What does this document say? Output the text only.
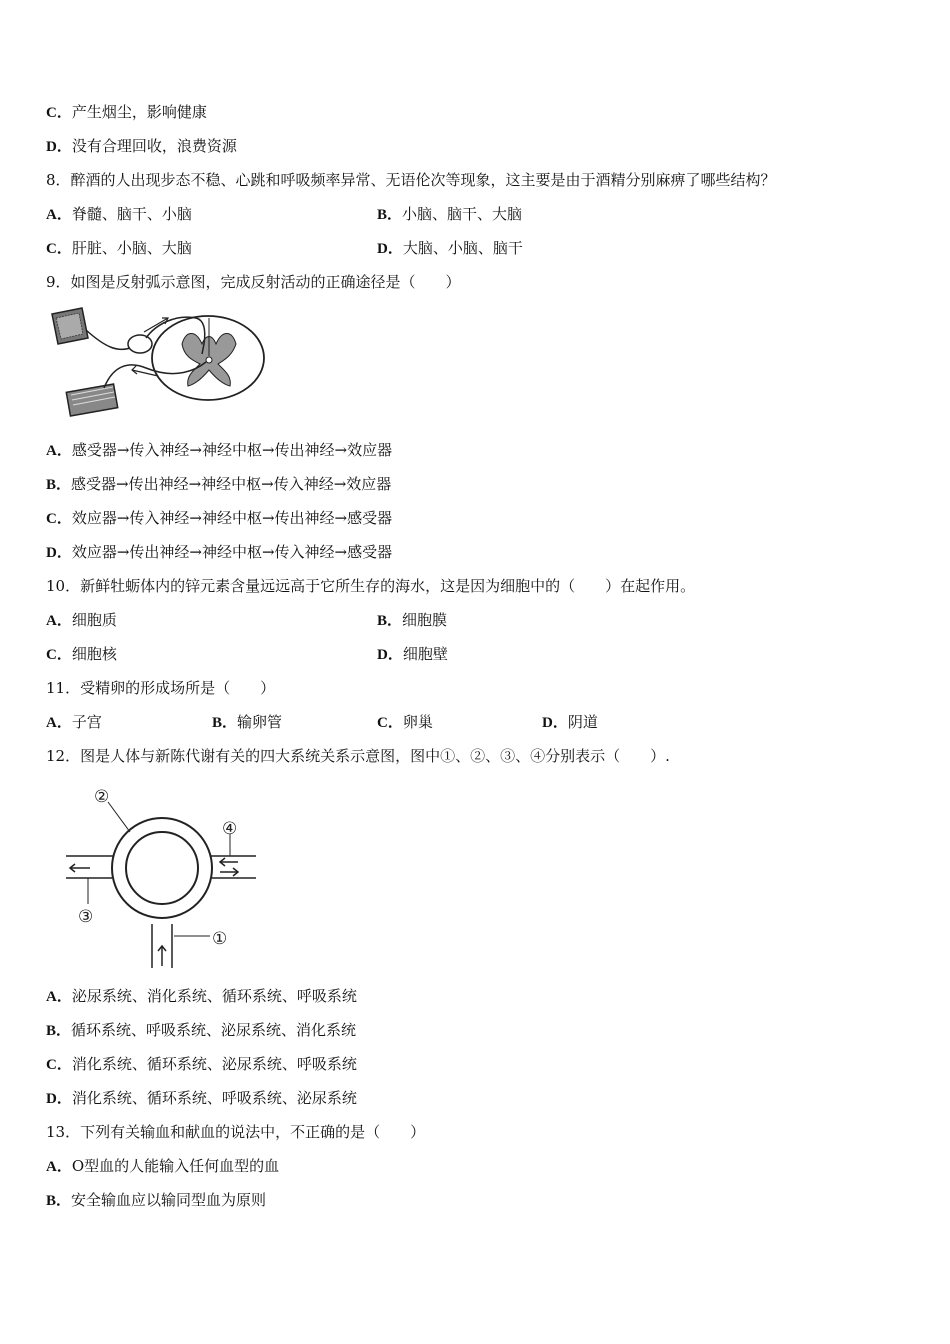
C．产生烟尘，影响健康
D．没有合理回收，浪费资源
8．醉酒的人出现步态不稳、心跳和呼吸频率异常、无语伦次等现象，这主要是由于酒精分别麻痹了哪些结构？
A．脊髓、脑干、小脑	B．小脑、脑干、大脑
C．肝脏、小脑、大脑	D．大脑、小脑、脑干
9．如图是反射弧示意图，完成反射活动的正确途径是（　　）
A．感受器→传入神经→神经中枢→传出神经→效应器
B．感受器→传出神经→神经中枢→传入神经→效应器
C．效应器→传入神经→神经中枢→传出神经→感受器
D．效应器→传出神经→神经中枢→传入神经→感受器
10．新鲜牡蛎体内的锌元素含量远远高于它所生存的海水，这是因为细胞中的（　　）在起作用。
A．细胞质	B．细胞膜
C．细胞核	D．细胞壁
11．受精卵的形成场所是（　　）
A．子宫	B．输卵管	C．卵巢	D．阴道
12．图是人体与新陈代谢有关的四大系统关系示意图，图中①、②、③、④分别表示（　　）.
②
④
③
①
A．泌尿系统、消化系统、循环系统、呼吸系统
B．循环系统、呼吸系统、泌尿系统、消化系统
C．消化系统、循环系统、泌尿系统、呼吸系统
D．消化系统、循环系统、呼吸系统、泌尿系统
13．下列有关输血和献血的说法中，不正确的是（　　）
A．O型血的人能输入任何血型的血
B．安全输血应以输同型血为原则
